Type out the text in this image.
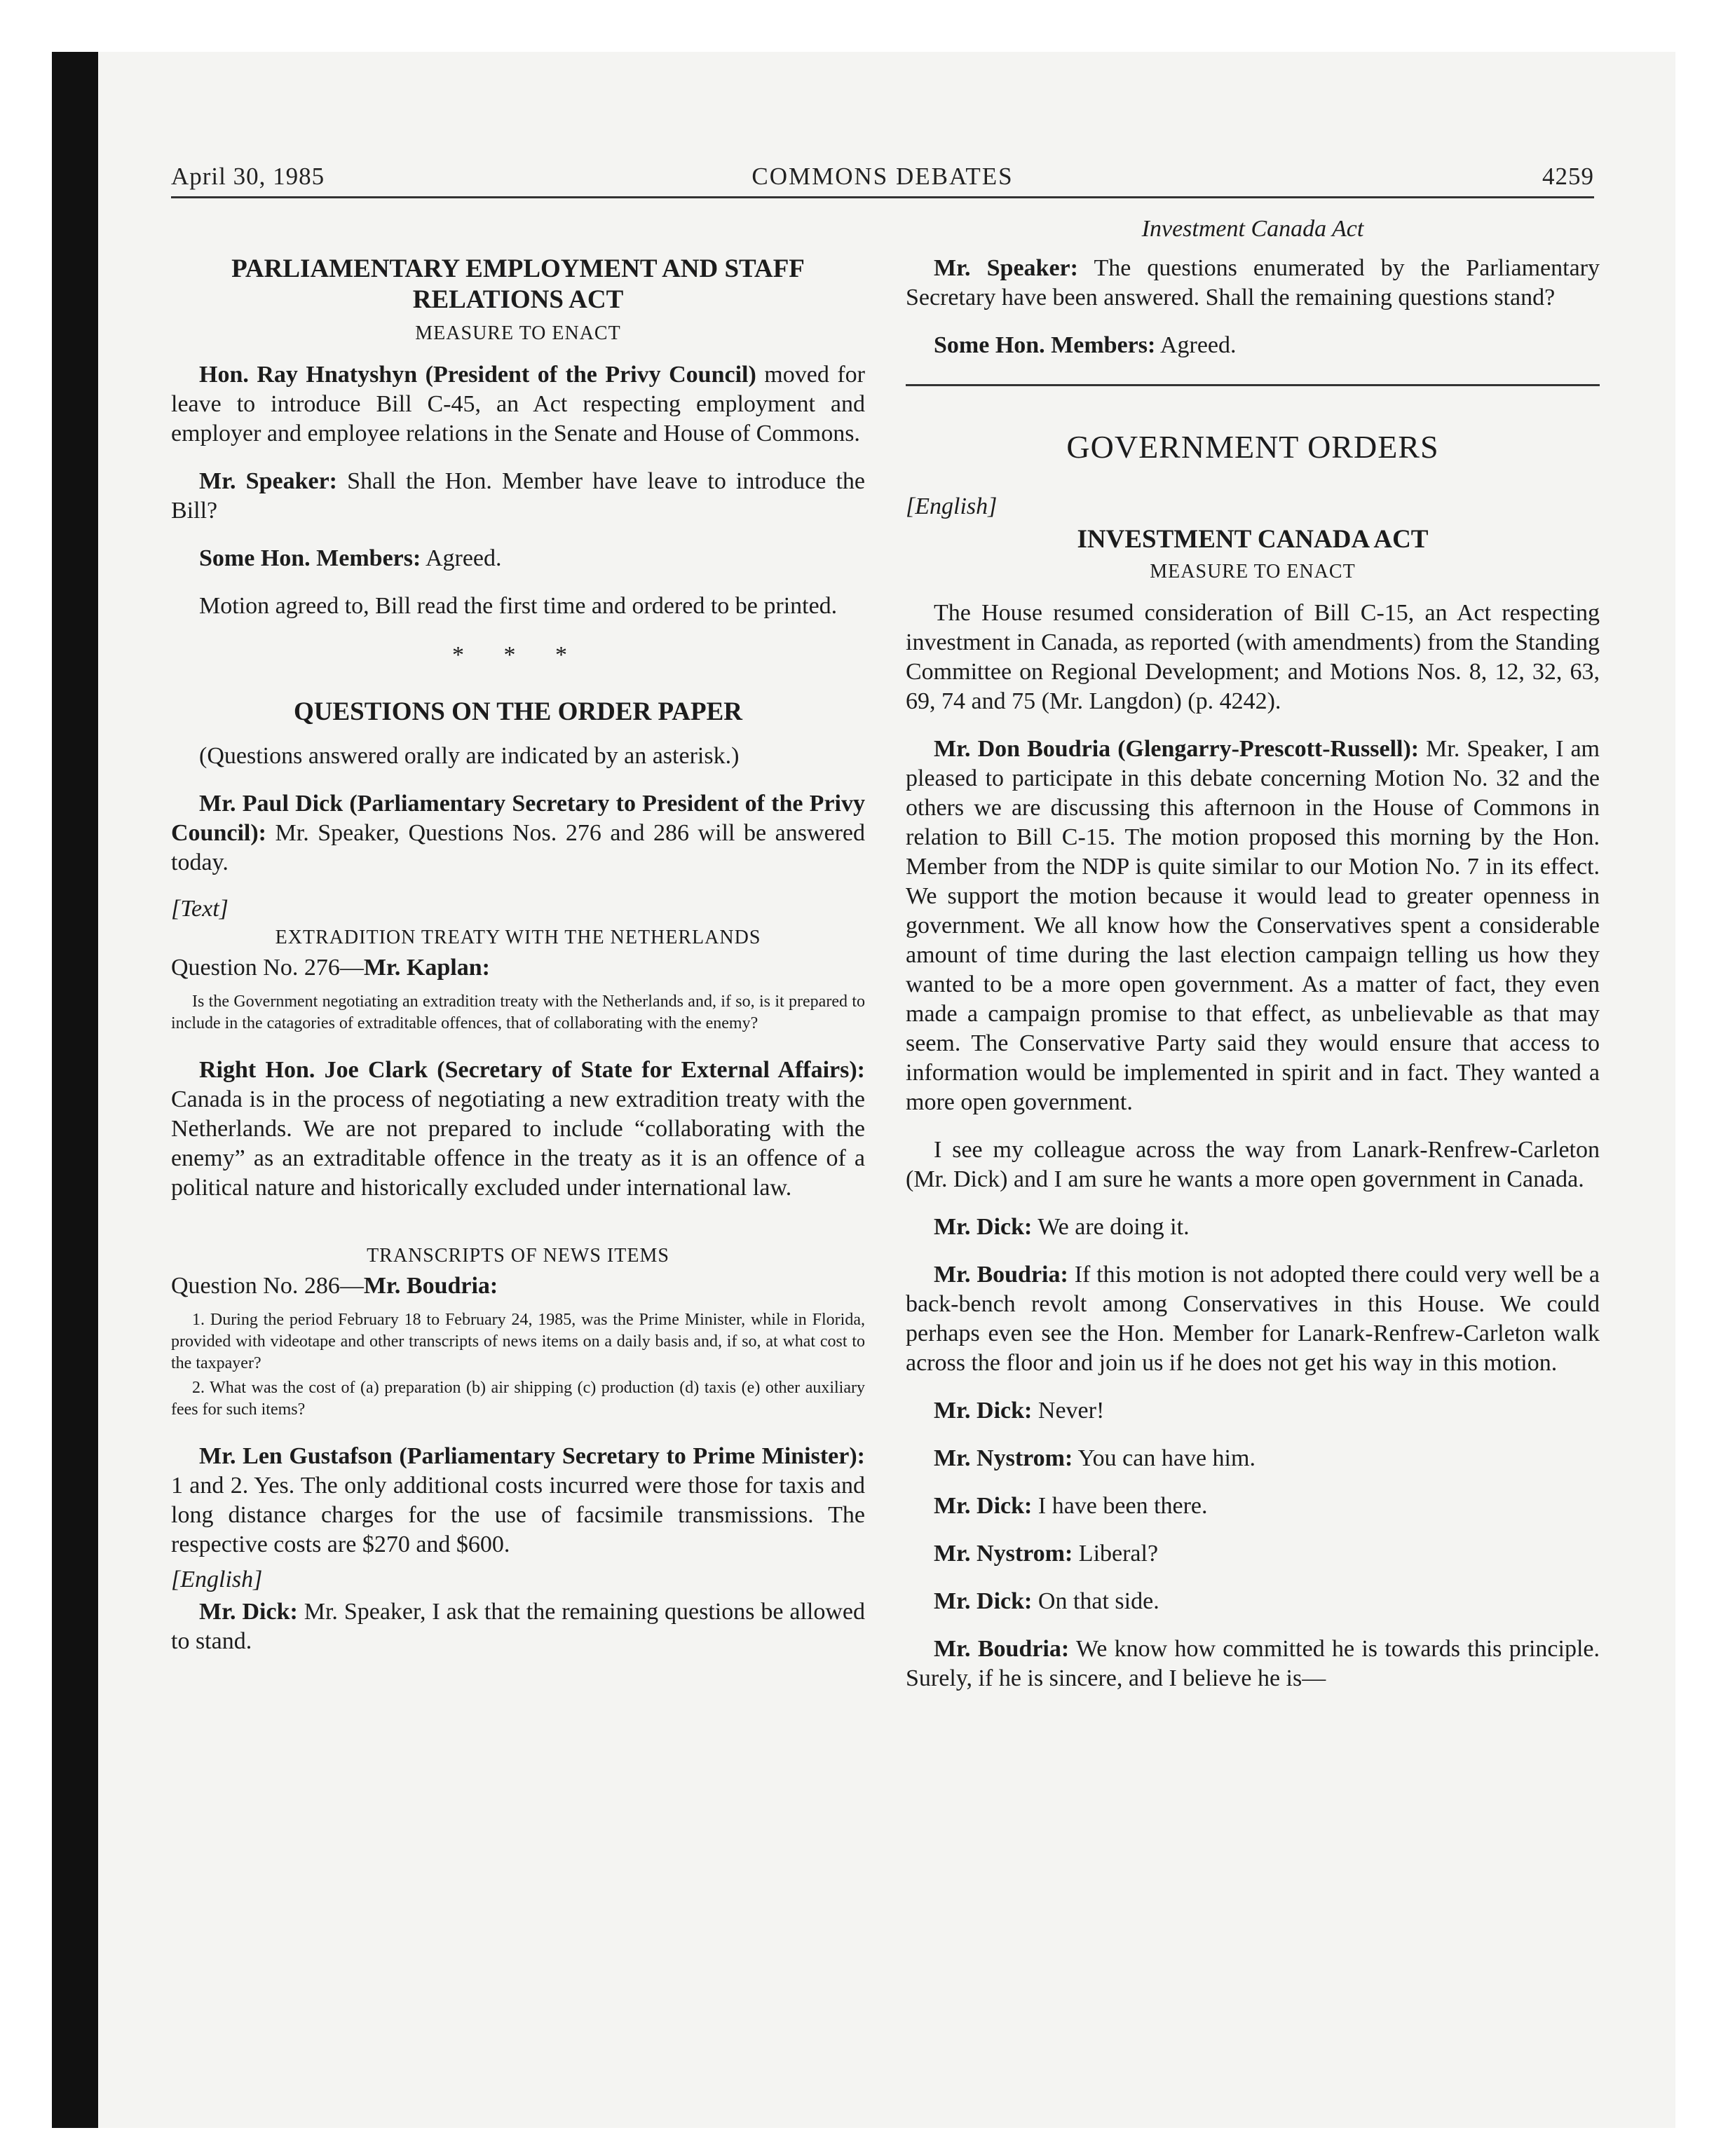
COMMONS DEBATES
April 30, 1985	4259

PARLIAMENTARY EMPLOYMENT AND STAFF RELATIONS ACT

MEASURE TO ENACT

Hon. Ray Hnatyshyn (President of the Privy Council) moved for leave to introduce Bill C-45, an Act respecting employment and employer and employee relations in the Senate and House of Commons.

Mr. Speaker: Shall the Hon. Member have leave to introduce the Bill?

Some Hon. Members: Agreed.

Motion agreed to, Bill read the first time and ordered to be printed.

* * *

QUESTIONS ON THE ORDER PAPER

(Questions answered orally are indicated by an asterisk.)

Mr. Paul Dick (Parliamentary Secretary to President of the Privy Council): Mr. Speaker, Questions Nos. 276 and 286 will be answered today.

[Text]

EXTRADITION TREATY WITH THE NETHERLANDS

Question No. 276—Mr. Kaplan:

Is the Government negotiating an extradition treaty with the Netherlands and, if so, is it prepared to include in the catagories of extraditable offences, that of collaborating with the enemy?

Right Hon. Joe Clark (Secretary of State for External Affairs): Canada is in the process of negotiating a new extradition treaty with the Netherlands. We are not prepared to include “collaborating with the enemy” as an extraditable offence in the treaty as it is an offence of a political nature and historically excluded under international law.

TRANSCRIPTS OF NEWS ITEMS

Question No. 286—Mr. Boudria:

1. During the period February 18 to February 24, 1985, was the Prime Minister, while in Florida, provided with videotape and other transcripts of news items on a daily basis and, if so, at what cost to the taxpayer?

2. What was the cost of (a) preparation (b) air shipping (c) production (d) taxis (e) other auxiliary fees for such items?

Mr. Len Gustafson (Parliamentary Secretary to Prime Minister): 1 and 2. Yes. The only additional costs incurred were those for taxis and long distance charges for the use of facsimile transmissions. The respective costs are $270 and $600.

[English]

Mr. Dick: Mr. Speaker, I ask that the remaining questions be allowed to stand.

Investment Canada Act

Mr. Speaker: The questions enumerated by the Parliamentary Secretary have been answered. Shall the remaining questions stand?

Some Hon. Members: Agreed.

GOVERNMENT ORDERS

[English]

INVESTMENT CANADA ACT

MEASURE TO ENACT

The House resumed consideration of Bill C-15, an Act respecting investment in Canada, as reported (with amendments) from the Standing Committee on Regional Development; and Motions Nos. 8, 12, 32, 63, 69, 74 and 75 (Mr. Langdon) (p. 4242).

Mr. Don Boudria (Glengarry-Prescott-Russell): Mr. Speaker, I am pleased to participate in this debate concerning Motion No. 32 and the others we are discussing this afternoon in the House of Commons in relation to Bill C-15. The motion proposed this morning by the Hon. Member from the NDP is quite similar to our Motion No. 7 in its effect. We support the motion because it would lead to greater openness in government. We all know how the Conservatives spent a considerable amount of time during the last election campaign telling us how they wanted to be a more open government. As a matter of fact, they even made a campaign promise to that effect, as unbelievable as that may seem. The Conservative Party said they would ensure that access to information would be implemented in spirit and in fact. They wanted a more open government.

I see my colleague across the way from Lanark-Renfrew-Carleton (Mr. Dick) and I am sure he wants a more open government in Canada.

Mr. Dick: We are doing it.

Mr. Boudria: If this motion is not adopted there could very well be a back-bench revolt among Conservatives in this House. We could perhaps even see the Hon. Member for Lanark-Renfrew-Carleton walk across the floor and join us if he does not get his way in this motion.

Mr. Dick: Never!

Mr. Nystrom: You can have him.

Mr. Dick: I have been there.

Mr. Nystrom: Liberal?

Mr. Dick: On that side.

Mr. Boudria: We know how committed he is towards this principle. Surely, if he is sincere, and I believe he is—
